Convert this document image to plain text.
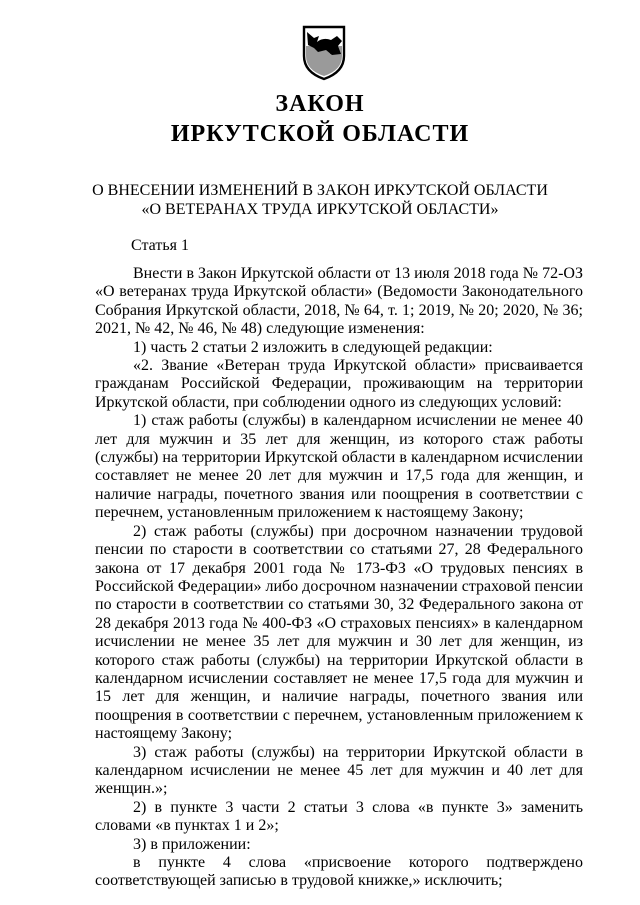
ЗАКОН
ИРКУТСКОЙ ОБЛАСТИ
О ВНЕСЕНИИ ИЗМЕНЕНИЙ В ЗАКОН ИРКУТСКОЙ ОБЛАСТИ
«О ВЕТЕРАНАХ ТРУДА ИРКУТСКОЙ ОБЛАСТИ»
Статья 1

Внести в Закон Иркутской области от 13 июля 2018 года № 72-ОЗ «О ветеранах труда Иркутской области» (Ведомости Законодательного Собрания Иркутской области, 2018, № 64, т. 1; 2019, № 20; 2020, № 36; 2021, № 42, № 46, № 48) следующие изменения:

1) часть 2 статьи 2 изложить в следующей редакции:

«2. Звание «Ветеран труда Иркутской области» присваивается гражданам Российской Федерации, проживающим на территории Иркутской области, при соблюдении одного из следующих условий:

1) стаж работы (службы) в календарном исчислении не менее 40 лет для мужчин и 35 лет для женщин, из которого стаж работы (службы) на территории Иркутской области в календарном исчислении составляет не менее 20 лет для мужчин и 17,5 года для женщин, и наличие награды, почетного звания или поощрения в соответствии с перечнем, установленным приложением к настоящему Закону;

2) стаж работы (службы) при досрочном назначении трудовой пенсии по старости в соответствии со статьями 27, 28 Федерального закона от 17 декабря 2001 года № 173-ФЗ «О трудовых пенсиях в Российской Федерации» либо досрочном назначении страховой пенсии по старости в соответствии со статьями 30, 32 Федерального закона от 28 декабря 2013 года № 400-ФЗ «О страховых пенсиях» в календарном исчислении не менее 35 лет для мужчин и 30 лет для женщин, из которого стаж работы (службы) на территории Иркутской области в календарном исчислении составляет не менее 17,5 года для мужчин и 15 лет для женщин, и наличие награды, почетного звания или поощрения в соответствии с перечнем, установленным приложением к настоящему Закону;

3) стаж работы (службы) на территории Иркутской области в календарном исчислении не менее 45 лет для мужчин и 40 лет для женщин.»;

2) в пункте 3 части 2 статьи 3 слова «в пункте 3» заменить словами «в пунктах 1 и 2»;

3) в приложении:

в пункте 4 слова «присвоение которого подтверждено соответствующей записью в трудовой книжке,» исключить;
